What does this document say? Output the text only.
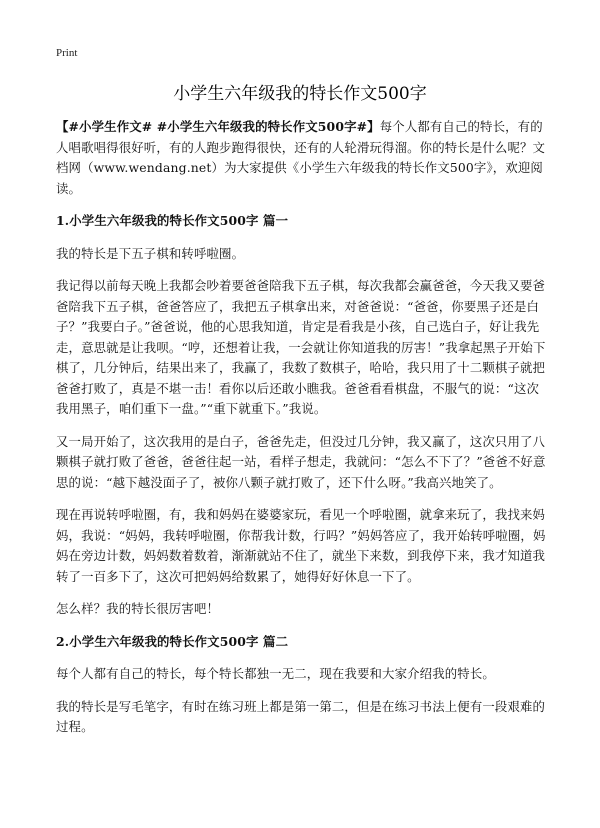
Print
小学生六年级我的特长作文500字

【#小学生作文# #小学生六年级我的特长作文500字#】每个人都有自己的特长，有的人唱歌唱得很好听，有的人跑步跑得很快，还有的人轮滑玩得溜。你的特长是什么呢？文档网（www.wendang.net）为大家提供《小学生六年级我的特长作文500字》，欢迎阅读。

1.小学生六年级我的特长作文500字 篇一

我的特长是下五子棋和转呼啦圈。

我记得以前每天晚上我都会吵着要爸爸陪我下五子棋，每次我都会赢爸爸，今天我又要爸爸陪我下五子棋，爸爸答应了，我把五子棋拿出来，对爸爸说：“爸爸，你要黑子还是白子？”我要白子。”爸爸说，他的心思我知道，肯定是看我是小孩，自己选白子，好让我先走，意思就是让我呗。“哼，还想着让我，一会就让你知道我的厉害！”我拿起黑子开始下棋了，几分钟后，结果出来了，我赢了，我数了数棋子，哈哈，我只用了十二颗棋子就把爸爸打败了，真是不堪一击！看你以后还敢小瞧我。爸爸看看棋盘，不服气的说：“这次我用黑子，咱们重下一盘。”“重下就重下。”我说。

又一局开始了，这次我用的是白子，爸爸先走，但没过几分钟，我又赢了，这次只用了八颗棋子就打败了爸爸，爸爸往起一站，看样子想走，我就问：“怎么不下了？”爸爸不好意思的说：“越下越没面子了，被你八颗子就打败了，还下什么呀。”我高兴地笑了。

现在再说转呼啦圈，有，我和妈妈在婆婆家玩，看见一个呼啦圈，就拿来玩了，我找来妈妈，我说：“妈妈，我转呼啦圈，你帮我计数，行吗？”妈妈答应了，我开始转呼啦圈，妈妈在旁边计数，妈妈数着数着，渐渐就站不住了，就坐下来数，到我停下来，我才知道我转了一百多下了，这次可把妈妈给数累了，她得好好休息一下了。

怎么样？我的特长很厉害吧！

2.小学生六年级我的特长作文500字 篇二

每个人都有自己的特长，每个特长都独一无二，现在我要和大家介绍我的特长。

我的特长是写毛笔字，有时在练习班上都是第一第二，但是在练习书法上便有一段艰难的过程。
